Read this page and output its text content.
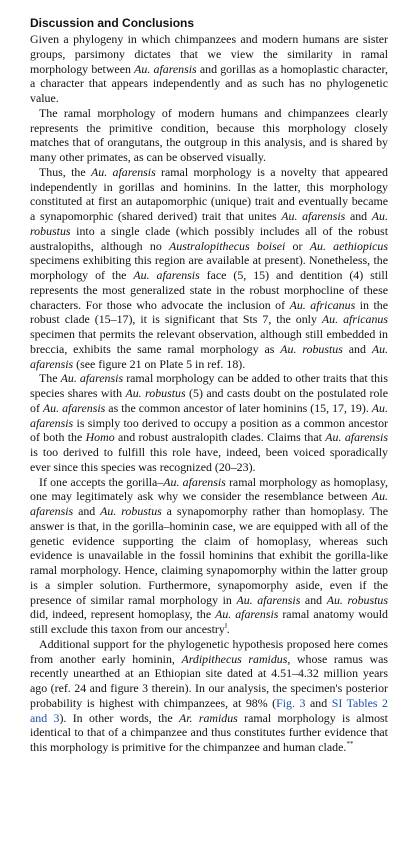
Discussion and Conclusions

Given a phylogeny in which chimpanzees and modern humans are sister groups, parsimony dictates that we view the similarity in ramal morphology between Au. afarensis and gorillas as a homoplastic character, a character that appears independently and as such has no phylogenetic value.

The ramal morphology of modern humans and chimpanzees clearly represents the primitive condition, because this morphology closely matches that of orangutans, the outgroup in this analysis, and is shared by many other primates, as can be observed visually.

Thus, the Au. afarensis ramal morphology is a novelty that appeared independently in gorillas and hominins. In the latter, this morphology constituted at first an autapomorphic (unique) trait and eventually became a synapomorphic (shared derived) trait that unites Au. afarensis and Au. robustus into a single clade (which possibly includes all of the robust australopiths, although no Australopithecus boisei or Au. aethiopicus specimens exhibiting this region are available at present). Nonetheless, the morphology of the Au. afarensis face (5, 15) and dentition (4) still represents the most generalized state in the robust morphocline of these characters. For those who advocate the inclusion of Au. africanus in the robust clade (15–17), it is significant that Sts 7, the only Au. africanus specimen that permits the relevant observation, although still embedded in breccia, exhibits the same ramal morphology as Au. robustus and Au. afarensis (see figure 21 on Plate 5 in ref. 18).

The Au. afarensis ramal morphology can be added to other traits that this species shares with Au. robustus (5) and casts doubt on the postulated role of Au. afarensis as the common ancestor of later hominins (15, 17, 19). Au. afarensis is simply too derived to occupy a position as a common ancestor of both the Homo and robust australopith clades. Claims that Au. afarensis is too derived to fulfill this role have, indeed, been voiced sporadically ever since this species was recognized (20–23).

If one accepts the gorilla–Au. afarensis ramal morphology as homoplasy, one may legitimately ask why we consider the resemblance between Au. afarensis and Au. robustus a synapomorphy rather than homoplasy. The answer is that, in the gorilla–hominin case, we are equipped with all of the genetic evidence supporting the claim of homoplasy, whereas such evidence is unavailable in the fossil hominins that exhibit the gorilla-like ramal morphology. Hence, claiming synapomorphy within the latter group is a simpler solution. Furthermore, synapomorphy aside, even if the presence of similar ramal morphology in Au. afarensis and Au. robustus did, indeed, represent homoplasy, the Au. afarensis ramal anatomy would still exclude this taxon from our ancestry‖.

Additional support for the phylogenetic hypothesis proposed here comes from another early hominin, Ardipithecus ramidus, whose ramus was recently unearthed at an Ethiopian site dated at 4.51–4.32 million years ago (ref. 24 and figure 3 therein). In our analysis, the specimen's posterior probability is highest with chimpanzees, at 98% (Fig. 3 and SI Tables 2 and 3). In other words, the Ar. ramidus ramal morphology is almost identical to that of a chimpanzee and thus constitutes further evidence that this morphology is primitive for the chimpanzee and human clade.**
